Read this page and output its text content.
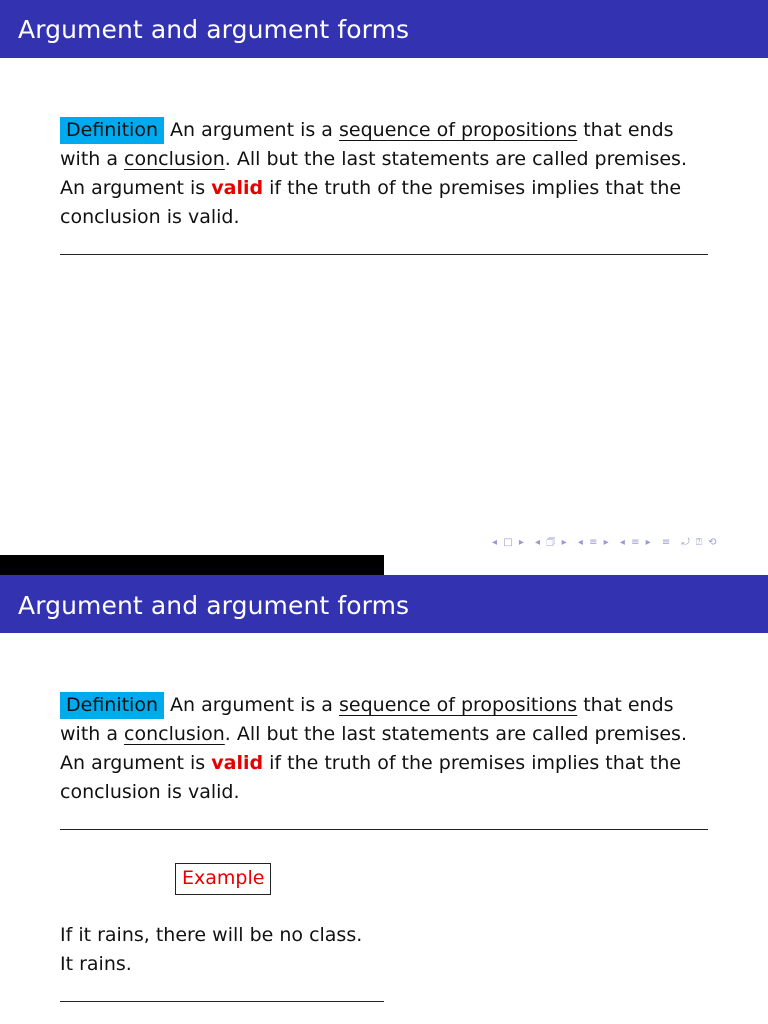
Argument and argument forms
Definition An argument is a sequence of propositions that ends with a conclusion. All but the last statements are called premises. An argument is valid if the truth of the premises implies that the conclusion is valid.
◂ □ ▸ ◂ 🗇 ▸ ◂ ≡ ▸ ◂ ≡ ▸ ≡ ⤾ ⍰ ⟲
Argument and argument forms
Definition An argument is a sequence of propositions that ends with a conclusion. All but the last statements are called premises. An argument is valid if the truth of the premises implies that the conclusion is valid.
Example
If it rains, there will be no class.
It rains.
